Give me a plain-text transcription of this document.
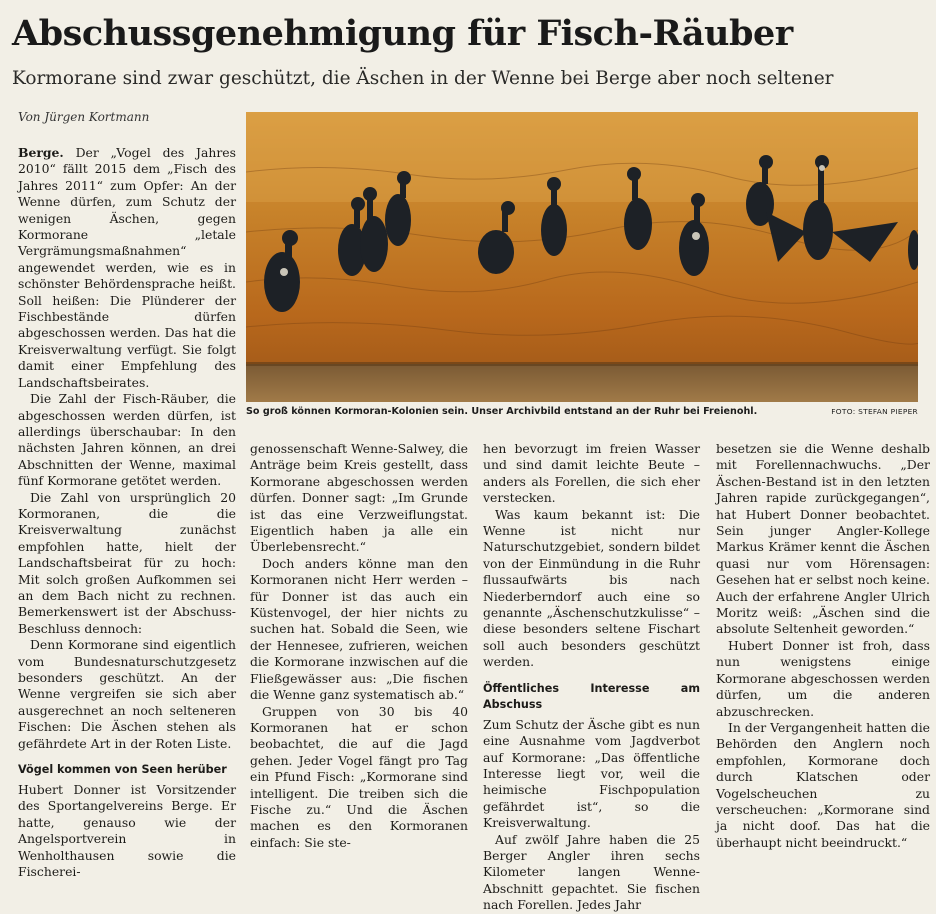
Abschussgenehmigung für Fisch-Räuber

Kormorane sind zwar geschützt, die Äschen in der Wenne bei Berge aber noch seltener

Von Jürgen Kortmann

Berge. Der „Vogel des Jahres 2010“ fällt 2015 dem „Fisch des Jahres 2011“ zum Opfer: An der Wenne dürfen, zum Schutz der wenigen Äschen, gegen Kormorane „letale Vergrämungsmaßnahmen“ angewendet werden, wie es in schönster Behördensprache heißt. Soll heißen: Die Plünderer der Fischbestände dürfen abgeschossen werden. Das hat die Kreisverwaltung verfügt. Sie folgt damit einer Empfehlung des Landschaftsbeirates.

Die Zahl der Fisch-Räuber, die abgeschossen werden dürfen, ist allerdings überschaubar: In den nächsten Jahren können, an drei Abschnitten der Wenne, maximal fünf Kormorane getötet werden.

Die Zahl von ursprünglich 20 Kormoranen, die die Kreisverwaltung zunächst empfohlen hatte, hielt der Landschaftsbeirat für zu hoch: Mit solch großen Aufkommen sei an dem Bach nicht zu rechnen. Bemerkenswert ist der Abschuss-Beschluss dennoch:

Denn Kormorane sind eigentlich vom Bundesnaturschutzgesetz besonders geschützt. An der Wenne vergreifen sie sich aber ausgerechnet an noch selteneren Fischen: Die Äschen stehen als gefährdete Art in der Roten Liste.

Vögel kommen von Seen herüber

Hubert Donner ist Vorsitzender des Sportangelvereins Berge. Er hatte, genauso wie der Angelsportverein in Wenholthausen sowie die Fischerei-

So groß können Kormoran-Kolonien sein. Unser Archivbild entstand an der Ruhr bei Freienohl.	FOTO: STEFAN PIEPER

genossenschaft Wenne-Salwey, die Anträge beim Kreis gestellt, dass Kormorane abgeschossen werden dürfen. Donner sagt: „Im Grunde ist das eine Verzweiflungstat. Eigentlich haben ja alle ein Überlebensrecht.“

Doch anders könne man den Kormoranen nicht Herr werden – für Donner ist das auch ein Küstenvogel, der hier nichts zu suchen hat. Sobald die Seen, wie der Hennesee, zufrieren, weichen die Kormorane inzwischen auf die Fließgewässer aus: „Die fischen die Wenne ganz systematisch ab.“

Gruppen von 30 bis 40 Kormoranen hat er schon beobachtet, die auf die Jagd gehen. Jeder Vogel fängt pro Tag ein Pfund Fisch: „Kormorane sind intelligent. Die treiben sich die Fische zu.“ Und die Äschen machen es den Kormoranen einfach: Sie ste-

hen bevorzugt im freien Wasser und sind damit leichte Beute – anders als Forellen, die sich eher verstecken.

Was kaum bekannt ist: Die Wenne ist nicht nur Naturschutzgebiet, sondern bildet von der Einmündung in die Ruhr flussaufwärts bis nach Niederberndorf auch eine so genannte „Äschenschutzkulisse“ – diese besonders seltene Fischart soll auch besonders geschützt werden.

Öffentliches Interesse am Abschuss

Zum Schutz der Äsche gibt es nun eine Ausnahme vom Jagdverbot auf Kormorane: „Das öffentliche Interesse liegt vor, weil die heimische Fischpopulation gefährdet ist“, so die Kreisverwaltung.

Auf zwölf Jahre haben die 25 Berger Angler ihren sechs Kilometer langen Wenne-Abschnitt gepachtet. Sie fischen nach Forellen. Jedes Jahr

besetzen sie die Wenne deshalb mit Forellennachwuchs. „Der Äschen-Bestand ist in den letzten Jahren rapide zurückgegangen“, hat Hubert Donner beobachtet. Sein junger Angler-Kollege Markus Krämer kennt die Äschen quasi nur vom Hörensagen: Gesehen hat er selbst noch keine. Auch der erfahrene Angler Ulrich Moritz weiß: „Äschen sind die absolute Seltenheit geworden.“

Hubert Donner ist froh, dass nun wenigstens einige Kormorane abgeschossen werden dürfen, um die anderen abzuschrecken.

In der Vergangenheit hatten die Behörden den Anglern noch empfohlen, Kormorane doch durch Klatschen oder Vogelscheuchen zu verscheuchen: „Kormorane sind ja nicht doof. Das hat die überhaupt nicht beeindruckt.“
